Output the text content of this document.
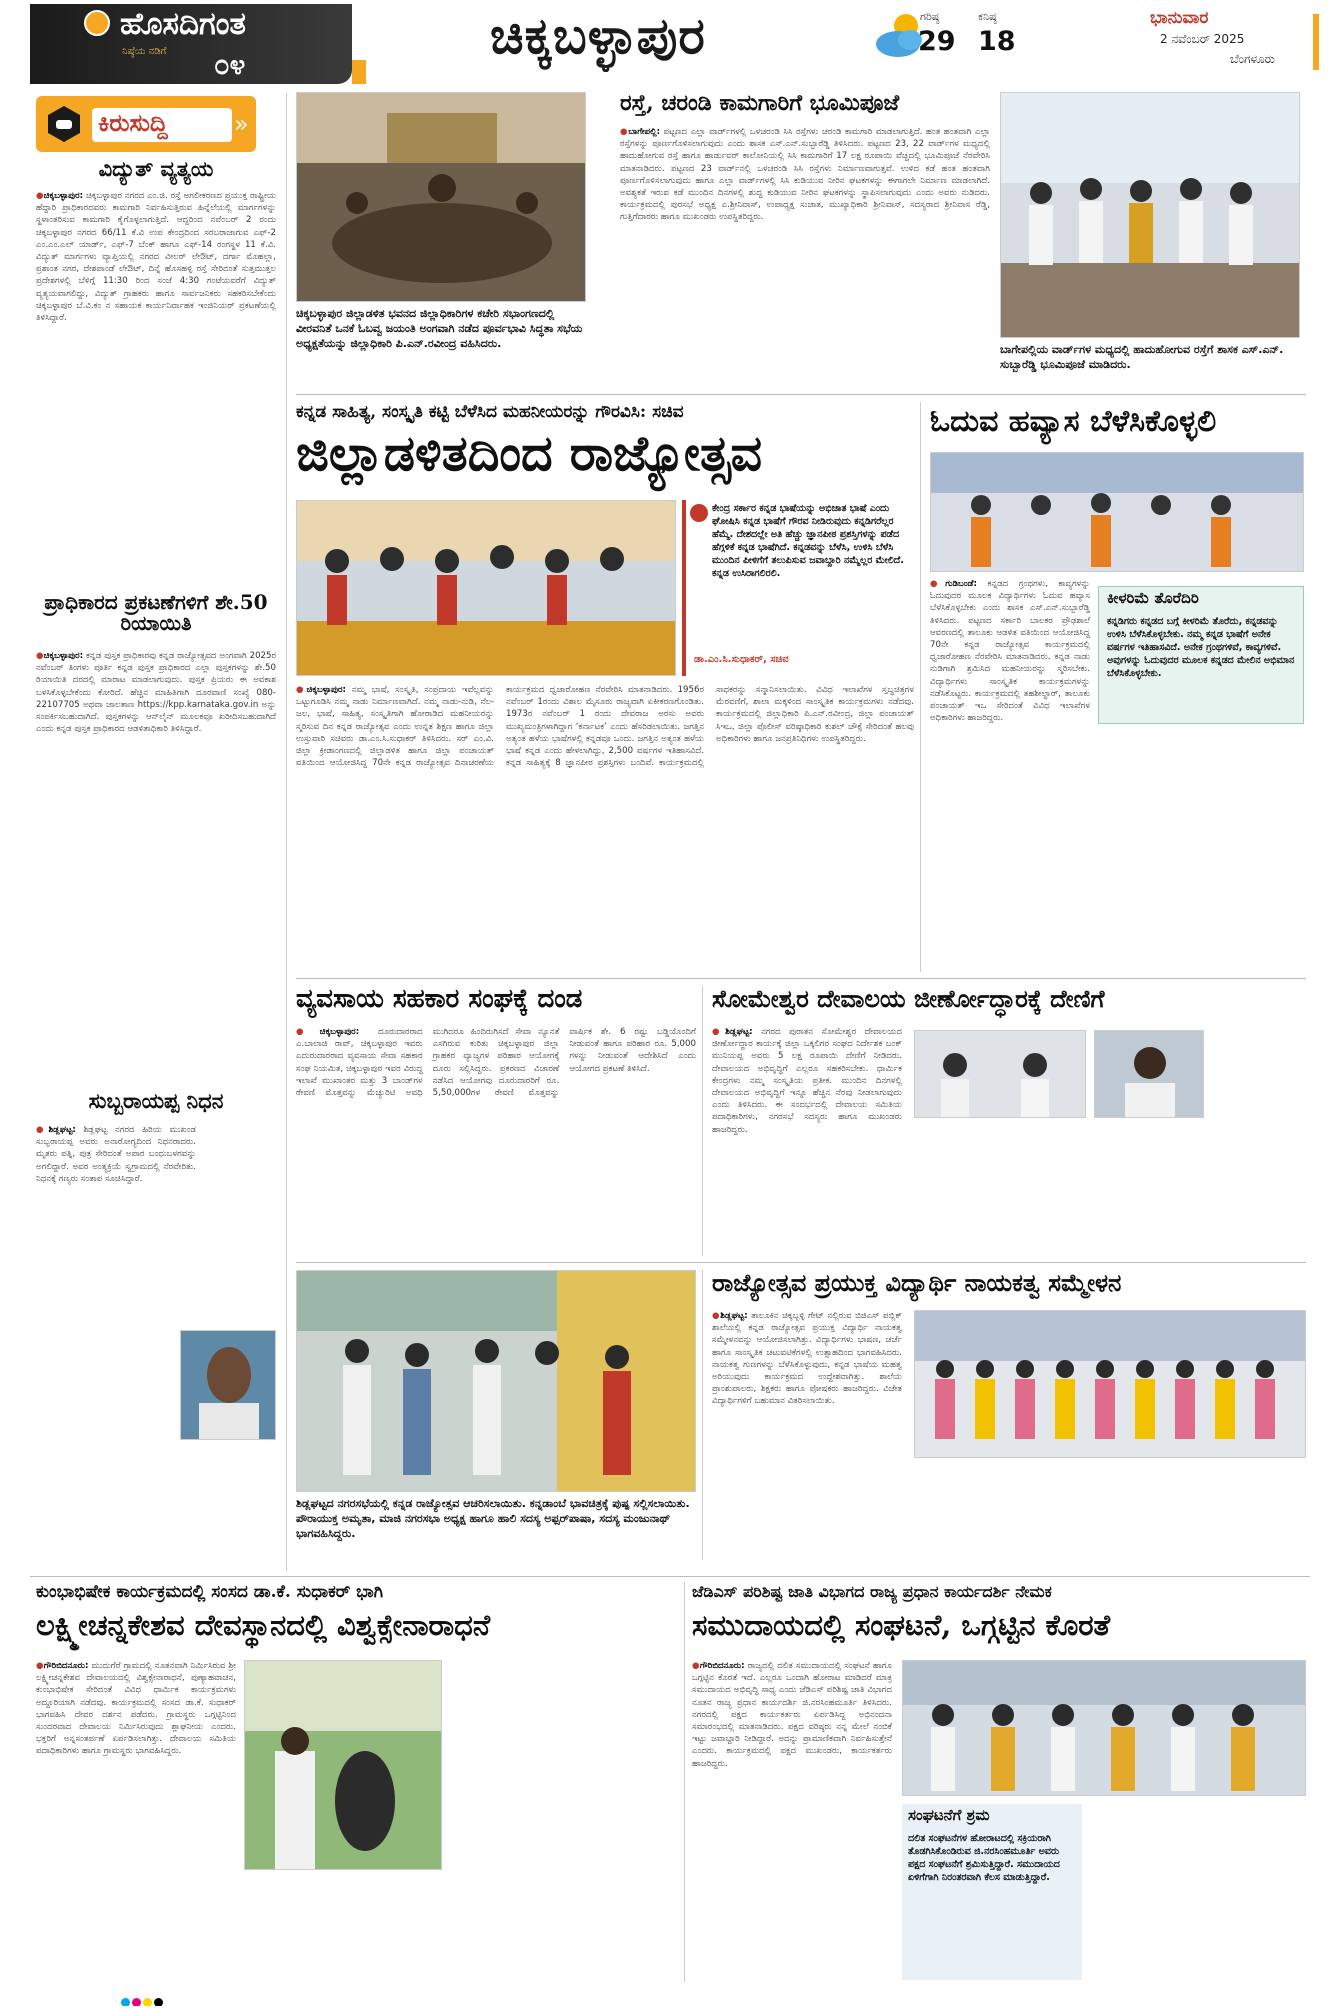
ಹೊಸದಿಗಂತ
ನಿಷ್ಠೆಯ ನಡಿಗೆ	೦೪	ಚಿಕ್ಕಬಳ್ಳಾಪುರ	ಗರಿಷ್ಠ
29
ಕನಿಷ್ಠ
18
ಭಾನುವಾರ
2 ನವೆಂಬರ್ 2025
ಬೆಂಗಳೂರು
ಕಿರುಸುದ್ದಿ	»
ವಿದ್ಯುತ್ ವ್ಯತ್ಯಯ
● ಚಿಕ್ಕಬಳ್ಳಾಪುರ: ಚಿಕ್ಕಬಳ್ಳಾಪುರ ನಗರದ ಎಂ.ಜಿ. ರಸ್ತೆ ಅಗಲೀಕರಣದ ಪ್ರಯುಕ್ತ ರಾಷ್ಟ್ರೀಯ ಹೆದ್ದಾರಿ ಪ್ರಾಧಿಕಾರದವರು ಕಾಮಗಾರಿ ನಿರ್ವಹಿಸುತ್ತಿರುವ ಹಿನ್ನೆಲೆಯಲ್ಲಿ ಮಾರ್ಗಗಳನ್ನು ಸ್ಥಳಾಂತರಿಸುವ ಕಾಮಗಾರಿ ಕೈಗೊಳ್ಳಲಾಗುತ್ತಿದೆ. ಆದ್ದರಿಂದ ನವೆಂಬರ್ 2 ರಂದು ಚಿಕ್ಕಬಳ್ಳಾಪುರ ನಗರದ 66/11 ಕೆ.ವಿ ಉಪ ಕೇಂದ್ರದಿಂದ ಸರಬರಾಜಾಗುವ ಎಫ್-2 ಎಂ.ಎಂ.ಎಲ್ ಯಾರ್ಡ್, ಎಫ್-7 ಬೆಂಕ್ ಹಾಗೂ ಎಫ್-14 ರಂಗಸ್ಥಳ 11 ಕೆ.ವಿ. ವಿದ್ಯುತ್ ಮಾರ್ಗಗಳು ವ್ಯಾಪ್ತಿಯಲ್ಲಿ ನಗರದ ವೀಲರ್ ಲೇಔಟ್, ದರ್ಗಾ ಮೊಹಲ್ಲಾ, ಪ್ರಶಾಂತ ನಗರ, ದೇಶಪಾಂಡೆ ಲೇಔಟ್, ದಿನ್ನೆ ಹೊಸಹಳ್ಳಿ ರಸ್ತೆ ಸೇರಿದಂತೆ ಸುತ್ತಮುತ್ತಲ ಪ್ರದೇಶಗಳಲ್ಲಿ ಬೆಳಿಗ್ಗೆ 11:30 ರಿಂದ ಸಂಜೆ 4:30 ಗಂಟೆಯವರೆಗೆ ವಿದ್ಯುತ್ ವ್ಯತ್ಯಯವಾಗಲಿದ್ದು, ವಿದ್ಯುತ್ ಗ್ರಾಹಕರು ಹಾಗೂ ಸಾರ್ವಜನಿಕರು ಸಹಕರಿಸಬೇಕೆಂದು ಚಿಕ್ಕಬಳ್ಳಾಪುರ ಬೆ.ವಿ.ಕಂ ನ ಸಹಾಯಕ ಕಾರ್ಯನಿರ್ವಾಹಕ ಇಂಜಿನಿಯರ್ ಪ್ರಕಟಣೆಯಲ್ಲಿ ತಿಳಿಸಿದ್ದಾರೆ.
ಪ್ರಾಧಿಕಾರದ ಪ್ರಕಟಣೆಗಳಿಗೆ ಶೇ.50 ರಿಯಾಯಿತಿ
● ಚಿಕ್ಕಬಳ್ಳಾಪುರ: ಕನ್ನಡ ಪುಸ್ತಕ ಪ್ರಾಧಿಕಾರವು ಕನ್ನಡ ರಾಜ್ಯೋತ್ಸವದ ಅಂಗವಾಗಿ 2025ರ ನವೆಂಬರ್ ತಿಂಗಳು ಪೂರ್ತಿ ಕನ್ನಡ ಪುಸ್ತಕ ಪ್ರಾಧಿಕಾರದ ಎಲ್ಲಾ ಪುಸ್ತಕಗಳನ್ನು ಶೇ.50 ರಿಯಾಯಿತಿ ದರದಲ್ಲಿ ಮಾರಾಟ ಮಾಡಲಾಗುವುದು. ಪುಸ್ತಕ ಪ್ರಿಯರು ಈ ಅವಕಾಶ ಬಳಸಿಕೊಳ್ಳಬೇಕೆಂದು ಕೋರಿದೆ. ಹೆಚ್ಚಿನ ಮಾಹಿತಿಗಾಗಿ ದೂರವಾಣಿ ಸಂಖ್ಯೆ 080-22107705 ಅಥವಾ ಜಾಲತಾಣ https://kpp.karnataka.gov.in ಅನ್ನು ಸಂಪರ್ಕಿಸಬಹುದಾಗಿದೆ. ಪುಸ್ತಕಗಳನ್ನು ಆನ್‌ಲೈನ್ ಮೂಲಕವೂ ಖರೀದಿಸಬಹುದಾಗಿದೆ ಎಂದು ಕನ್ನಡ ಪುಸ್ತಕ ಪ್ರಾಧಿಕಾರದ ಆಡಳಿತಾಧಿಕಾರಿ ತಿಳಿಸಿದ್ದಾರೆ.
ಸುಬ್ಬರಾಯಪ್ಪ ನಿಧನ
● ಶಿಡ್ಲಘಟ್ಟ: ಶಿಡ್ಲಘಟ್ಟ ನಗರದ ಹಿರಿಯ ಮುಖಂಡ ಸುಬ್ಬರಾಯಪ್ಪ ಅವರು ಅನಾರೋಗ್ಯದಿಂದ ನಿಧನರಾದರು. ಮೃತರು ಪತ್ನಿ, ಪುತ್ರ ಸೇರಿದಂತೆ ಅಪಾರ ಬಂಧುಬಳಗವನ್ನು ಅಗಲಿದ್ದಾರೆ. ಅವರ ಅಂತ್ಯಕ್ರಿಯೆ ಸ್ವಗ್ರಾಮದಲ್ಲಿ ನೆರವೇರಿತು. ನಿಧನಕ್ಕೆ ಗಣ್ಯರು ಸಂತಾಪ ಸೂಚಿಸಿದ್ದಾರೆ.
ಚಿಕ್ಕಬಳ್ಳಾಪುರ ಜಿಲ್ಲಾಡಳಿತ ಭವನದ ಜಿಲ್ಲಾಧಿಕಾರಿಗಳ ಕಚೇರಿ ಸಭಾಂಗಣದಲ್ಲಿ ವೀರವನಿತೆ ಒನಕೆ ಓಬವ್ವ ಜಯಂತಿ ಅಂಗವಾಗಿ ನಡೆದ ಪೂರ್ವಭಾವಿ ಸಿದ್ಧತಾ ಸಭೆಯ ಅಧ್ಯಕ್ಷತೆಯನ್ನು ಜಿಲ್ಲಾಧಿಕಾರಿ ಪಿ.ಎನ್.ರವೀಂದ್ರ ವಹಿಸಿದರು.
ರಸ್ತೆ, ಚರಂಡಿ ಕಾಮಗಾರಿಗೆ ಭೂಮಿಪೂಜೆ
● ಬಾಗೇಪಲ್ಲಿ: ಪಟ್ಟಣದ ಎಲ್ಲಾ ವಾರ್ಡ್‌ಗಳಲ್ಲಿ ಒಳಚರಂಡಿ ಸಿಸಿ ರಸ್ತೆಗಳು ಚರಂಡಿ ಕಾಮಗಾರಿ ಮಾಡಲಾಗುತ್ತಿದೆ. ಹಂತ ಹಂತವಾಗಿ ಎಲ್ಲಾ ರಸ್ತೆಗಳನ್ನು ಪೂರ್ಣಗೊಳಿಸಲಾಗುವುದು ಎಂದು ಶಾಸಕ ಎಸ್.ಎನ್.ಸುಬ್ಬಾರೆಡ್ಡಿ ತಿಳಿಸಿದರು. ಪಟ್ಟಣದ 23, 22 ವಾರ್ಡ್‌ಗಳ ಮಧ್ಯದಲ್ಲಿ ಹಾದುಹೋಗುವ ರಸ್ತೆ ಹಾಗೂ ಹಾರ್ಡುವರ್ ಕಾಲೋನಿಯಲ್ಲಿ ಸಿಸಿ ಕಾಮಗಾರಿಗೆ 17 ಲಕ್ಷ ರೂಪಾಯಿ ವೆಚ್ಚದಲ್ಲಿ ಭೂಮಿಪೂಜೆ ನೆರವೇರಿಸಿ ಮಾತನಾಡಿದರು. ಪಟ್ಟಣದ 23 ವಾರ್ಡ್‌ನಲ್ಲಿ ಒಳಚರಂಡಿ ಸಿಸಿ ರಸ್ತೆಗಳು ನಿರ್ಮಾಣವಾಗುತ್ತವೆ. ಉಳಿದ ಕಡೆ ಹಂತ ಹಂತವಾಗಿ ಪೂರ್ಣಗೊಳಿಸಲಾಗುವುದು ಹಾಗೂ ಎಲ್ಲಾ ವಾರ್ಡ್‌ಗಳಲ್ಲಿ ಸಿಸಿ ಕುಡಿಯುವ ನೀರಿನ ಘಟಕಗಳನ್ನು ಈಗಾಗಲೇ ನಿರ್ಮಾಣ ಮಾಡಲಾಗಿದೆ. ಅವಶ್ಯಕತೆ ಇರುವ ಕಡೆ ಮುಂದಿನ ದಿನಗಳಲ್ಲಿ ಶುದ್ಧ ಕುಡಿಯುವ ನೀರಿನ ಘಟಕಗಳನ್ನು ಸ್ಥಾಪಿಸಲಾಗುವುದು ಎಂದು ಅವರು ನುಡಿದರು. ಕಾರ್ಯಕ್ರಮದಲ್ಲಿ ಪುರಸಭೆ ಅಧ್ಯಕ್ಷ ಎ.ಶ್ರೀನಿವಾಸ್, ಉಪಾಧ್ಯಕ್ಷ ಸುಜಾತ, ಮುಖ್ಯಾಧಿಕಾರಿ ಶ್ರೀನಿವಾಸ್, ಸದಸ್ಯರಾದ ಶ್ರೀನಿವಾಸ ರೆಡ್ಡಿ, ಗುತ್ತಿಗೆದಾರರು ಹಾಗೂ ಮುಖಂಡರು ಉಪಸ್ಥಿತರಿದ್ದರು.
ಬಾಗೇಪಲ್ಲಿಯ ವಾರ್ಡ್‌ಗಳ ಮಧ್ಯದಲ್ಲಿ ಹಾದುಹೋಗುವ ರಸ್ತೆಗೆ ಶಾಸಕ ಎಸ್.ಎನ್. ಸುಬ್ಬಾರೆಡ್ಡಿ ಭೂಮಿಪೂಜೆ ಮಾಡಿದರು.
ಕನ್ನಡ ಸಾಹಿತ್ಯ, ಸಂಸ್ಕೃತಿ ಕಟ್ಟಿ ಬೆಳೆಸಿದ ಮಹನೀಯರನ್ನು ಗೌರವಿಸಿ: ಸಚಿವ
ಜಿಲ್ಲಾಡಳಿತದಿಂದ ರಾಜ್ಯೋತ್ಸವ
ಕೇಂದ್ರ ಸರ್ಕಾರ ಕನ್ನಡ ಭಾಷೆಯನ್ನು ಅಭಿಜಾತ ಭಾಷೆ ಎಂದು ಘೋಷಿಸಿ ಕನ್ನಡ ಭಾಷೆಗೆ ಗೌರವ ನೀಡಿರುವುದು ಕನ್ನಡಿಗರೆಲ್ಲರ ಹೆಮ್ಮೆ. ದೇಶದಲ್ಲೇ ಅತಿ ಹೆಚ್ಚು ಜ್ಞಾನಪೀಠ ಪ್ರಶಸ್ತಿಗಳನ್ನು ಪಡೆದ ಹೆಗ್ಗಳಿಕೆ ಕನ್ನಡ ಭಾಷೆಗಿದೆ. ಕನ್ನಡವನ್ನು ಬೆಳೆಸಿ, ಉಳಿಸಿ ಬೆಳೆಸಿ ಮುಂದಿನ ಪೀಳಿಗೆಗೆ ತಲುಪಿಸುವ ಜವಾಬ್ದಾರಿ ನಮ್ಮೆಲ್ಲರ ಮೇಲಿದೆ. ಕನ್ನಡ ಉಸಿರಾಗಲಿರಲಿ.
ಡಾ.ಎಂ.ಸಿ.ಸುಧಾಕರ್, ಸಚಿವ
● ಚಿಕ್ಕಬಳ್ಳಾಪುರ: ನಮ್ಮ ಭಾಷೆ, ಸಂಸ್ಕೃತಿ, ಸಂಪ್ರದಾಯ ಇವೆಲ್ಲವನ್ನು ಒಟ್ಟುಗೂಡಿಸಿ ನಮ್ಮ ನಾಡು ನಿರ್ಮಾಣವಾಗಿದೆ. ನಮ್ಮ ನಾಡು-ನುಡಿ, ನೆಲ-ಜಲ, ಭಾಷೆ, ಸಾಹಿತ್ಯ, ಸಂಸ್ಕೃತಿಗಾಗಿ ಹೋರಾಡಿದ ಮಹನೀಯರನ್ನು ಸ್ಮರಿಸುವ ದಿನ ಕನ್ನಡ ರಾಜ್ಯೋತ್ಸವ ಎಂದು ಉನ್ನತ ಶಿಕ್ಷಣ ಹಾಗೂ ಜಿಲ್ಲಾ ಉಸ್ತುವಾರಿ ಸಚಿವರು ಡಾ.ಎಂ.ಸಿ.ಸುಧಾಕರ್ ತಿಳಿಸಿದರು. ಸರ್ ಎಂ.ವಿ. ಜಿಲ್ಲಾ ಕ್ರೀಡಾಂಗಣದಲ್ಲಿ ಜಿಲ್ಲಾಡಳಿತ ಹಾಗೂ ಜಿಲ್ಲಾ ಪಂಚಾಯತ್ ವತಿಯಿಂದ ಆಯೋಜಿಸಿದ್ದ 70ನೇ ಕನ್ನಡ ರಾಜ್ಯೋತ್ಸವ ದಿನಾಚರಣೆಯ ಕಾರ್ಯಕ್ರಮದ ಧ್ವಜಾರೋಹಣ ನೆರವೇರಿಸಿ ಮಾತನಾಡಿದರು. 1956ರ ನವೆಂಬರ್ 1ರಂದು ವಿಶಾಲ ಮೈಸೂರು ರಾಜ್ಯವಾಗಿ ಏಕೀಕರಣಗೊಂಡಿತು. 1973ರ ನವೆಂಬರ್ 1 ರಂದು ದೇವರಾಜ ಅರಸು ಅವರು ಮುಖ್ಯಮಂತ್ರಿಗಳಾಗಿದ್ದಾಗ ‘ಕರ್ನಾಟಕ’ ಎಂದು ಹೆಸರಿಡಲಾಯಿತು. ಜಗತ್ತಿನ ಅತ್ಯಂತ ಹಳೆಯ ಭಾಷೆಗಳಲ್ಲಿ ಕನ್ನಡವೂ ಒಂದು. ಜಗತ್ತಿನ ಅತ್ಯಂತ ಹಳೆಯ ಭಾಷೆ ಕನ್ನಡ ಎಂದು ಹೇಳಲಾಗಿದ್ದು, 2,500 ವರ್ಷಗಳ ಇತಿಹಾಸವಿದೆ. ಕನ್ನಡ ಸಾಹಿತ್ಯಕ್ಕೆ 8 ಜ್ಞಾನಪೀಠ ಪ್ರಶಸ್ತಿಗಳು ಬಂದಿವೆ. ಕಾರ್ಯಕ್ರಮದಲ್ಲಿ ಸಾಧಕರನ್ನು ಸನ್ಮಾನಿಸಲಾಯಿತು. ವಿವಿಧ ಇಲಾಖೆಗಳ ಸ್ತಬ್ಧಚಿತ್ರಗಳ ಮೆರವಣಿಗೆ, ಶಾಲಾ ಮಕ್ಕಳಿಂದ ಸಾಂಸ್ಕೃತಿಕ ಕಾರ್ಯಕ್ರಮಗಳು ನಡೆದವು. ಕಾರ್ಯಕ್ರಮದಲ್ಲಿ ಜಿಲ್ಲಾಧಿಕಾರಿ ಪಿ.ಎನ್.ರವೀಂದ್ರ, ಜಿಲ್ಲಾ ಪಂಚಾಯತ್ ಸಿಇಒ, ಜಿಲ್ಲಾ ಪೊಲೀಸ್ ವರಿಷ್ಠಾಧಿಕಾರಿ ಕುಶಲ್ ಚೌಕ್ಸೆ ಸೇರಿದಂತೆ ಹಲವು ಅಧಿಕಾರಿಗಳು ಹಾಗೂ ಜನಪ್ರತಿನಿಧಿಗಳು ಉಪಸ್ಥಿತರಿದ್ದರು.
ಓದುವ ಹವ್ಯಾಸ ಬೆಳೆಸಿಕೊಳ್ಳಲಿ
● ಗುಡಿಬಂಡೆ: ಕನ್ನಡದ ಗ್ರಂಥಗಳು, ಕಾವ್ಯಗಳನ್ನು ಓದುವುದರ ಮೂಲಕ ವಿದ್ಯಾರ್ಥಿಗಳು ಓದುವ ಹವ್ಯಾಸ ಬೆಳೆಸಿಕೊಳ್ಳಬೇಕು ಎಂದು ಶಾಸಕ ಎಸ್.ಎನ್.ಸುಬ್ಬಾರೆಡ್ಡಿ ತಿಳಿಸಿದರು. ಪಟ್ಟಣದ ಸರ್ಕಾರಿ ಬಾಲಕರ ಪ್ರೌಢಶಾಲೆ ಆವರಣದಲ್ಲಿ ತಾಲೂಕು ಆಡಳಿತ ವತಿಯಿಂದ ಆಯೋಜಿಸಿದ್ದ 70ನೇ ಕನ್ನಡ ರಾಜ್ಯೋತ್ಸವ ಕಾರ್ಯಕ್ರಮದಲ್ಲಿ ಧ್ವಜಾರೋಹಣ ನೆರವೇರಿಸಿ ಮಾತನಾಡಿದರು. ಕನ್ನಡ ನಾಡು ನುಡಿಗಾಗಿ ಶ್ರಮಿಸಿದ ಮಹನೀಯರನ್ನು ಸ್ಮರಿಸಬೇಕು. ವಿದ್ಯಾರ್ಥಿಗಳು ಸಾಂಸ್ಕೃತಿಕ ಕಾರ್ಯಕ್ರಮಗಳನ್ನು ನಡೆಸಿಕೊಟ್ಟರು. ಕಾರ್ಯಕ್ರಮದಲ್ಲಿ ತಹಶೀಲ್ದಾರ್, ತಾಲೂಕು ಪಂಚಾಯತ್ ಇಒ ಸೇರಿದಂತೆ ವಿವಿಧ ಇಲಾಖೆಗಳ ಅಧಿಕಾರಿಗಳು ಹಾಜರಿದ್ದರು.
ಕೀಳರಿಮೆ ತೊರೆದಿರಿ
ಕನ್ನಡಿಗರು ಕನ್ನಡದ ಬಗ್ಗೆ ಕೀಳರಿಮೆ ತೊರೆದು, ಕನ್ನಡವನ್ನು ಉಳಿಸಿ ಬೆಳೆಸಿಕೊಳ್ಳಬೇಕು. ನಮ್ಮ ಕನ್ನಡ ಭಾಷೆಗೆ ಅನೇಕ ವರ್ಷಗಳ ಇತಿಹಾಸವಿದೆ. ಅನೇಕ ಗ್ರಂಥಗಳಿವೆ, ಕಾವ್ಯಗಳಿವೆ. ಅವುಗಳನ್ನು ಓದುವುದರ ಮೂಲಕ ಕನ್ನಡದ ಮೇಲಿನ ಅಭಿಮಾನ ಬೆಳೆಸಿಕೊಳ್ಳಬೇಕು.
ವ್ಯವಸಾಯ ಸಹಕಾರ ಸಂಘಕ್ಕೆ ದಂಡ
● ಚಿಕ್ಕಬಳ್ಳಾಪುರ: ದೂರುದಾರರಾದ ಎ.ಬಾಲಾಜಿ ರಾವ್, ಚಿಕ್ಕಬಳ್ಳಾಪುರ ಇವರು ಎದುರುದಾರರಾದ ವ್ಯವಸಾಯ ಸೇವಾ ಸಹಕಾರ ಸಂಘ ನಿಯಮಿತ, ಚಿಕ್ಕಬಳ್ಳಾಪುರ ಇವರ ವಿರುದ್ಧ ಇಲಾಖೆ ಮುಖಾಂತರ ಮತ್ತು 3 ಬಾಂಡ್‌ಗಳ ಠೇವಣಿ ಮೊತ್ತವನ್ನು ಮೆಚ್ಯುರಿಟಿ ಅವಧಿ ಮುಗಿದರೂ ಹಿಂದಿರುಗಿಸದೆ ಸೇವಾ ನ್ಯೂನತೆ ಎಸಗಿರುವ ಕುರಿತು ಚಿಕ್ಕಬಳ್ಳಾಪುರ ಜಿಲ್ಲಾ ಗ್ರಾಹಕರ ವ್ಯಾಜ್ಯಗಳ ಪರಿಹಾರ ಆಯೋಗಕ್ಕೆ ದೂರು ಸಲ್ಲಿಸಿದ್ದರು. ಪ್ರಕರಣದ ವಿಚಾರಣೆ ನಡೆಸಿದ ಆಯೋಗವು ದೂರುದಾರರಿಗೆ ರೂ. 5,50,000ಗಳ ಠೇವಣಿ ಮೊತ್ತವನ್ನು ವಾರ್ಷಿಕ ಶೇ. 6 ರಷ್ಟು ಬಡ್ಡಿಯೊಂದಿಗೆ ನೀಡುವಂತೆ ಹಾಗೂ ಪರಿಹಾರ ರೂ. 5,000 ಗಳನ್ನು ನೀಡುವಂತೆ ಆದೇಶಿಸಿದೆ ಎಂದು ಆಯೋಗದ ಪ್ರಕಟಣೆ ತಿಳಿಸಿದೆ.
ಸೋಮೇಶ್ವರ ದೇವಾಲಯ ಜೀರ್ಣೋದ್ಧಾರಕ್ಕೆ ದೇಣಿಗೆ
● ಶಿಡ್ಲಘಟ್ಟ: ನಗರದ ಪುರಾತನ ಸೋಮೇಶ್ವರ ದೇವಾಲಯದ ಜೀರ್ಣೋದ್ಧಾರ ಕಾರ್ಯಕ್ಕೆ ಜಿಲ್ಲಾ ಒಕ್ಕಲಿಗರ ಸಂಘದ ನಿರ್ದೇಶಕ ಬಂಕ್ ಮುನಿಯಪ್ಪ ಅವರು 5 ಲಕ್ಷ ರೂಪಾಯಿ ದೇಣಿಗೆ ನೀಡಿದರು. ದೇವಾಲಯದ ಅಭಿವೃದ್ಧಿಗೆ ಎಲ್ಲರೂ ಸಹಕರಿಸಬೇಕು. ಧಾರ್ಮಿಕ ಕೇಂದ್ರಗಳು ನಮ್ಮ ಸಂಸ್ಕೃತಿಯ ಪ್ರತೀಕ. ಮುಂದಿನ ದಿನಗಳಲ್ಲಿ ದೇವಾಲಯದ ಅಭಿವೃದ್ಧಿಗೆ ಇನ್ನೂ ಹೆಚ್ಚಿನ ನೆರವು ನೀಡಲಾಗುವುದು ಎಂದು ತಿಳಿಸಿದರು. ಈ ಸಂದರ್ಭದಲ್ಲಿ ದೇವಾಲಯ ಸಮಿತಿಯ ಪದಾಧಿಕಾರಿಗಳು, ನಗರಸಭೆ ಸದಸ್ಯರು ಹಾಗೂ ಮುಖಂಡರು ಹಾಜರಿದ್ದರು.
ಶಿಡ್ಲಘಟ್ಟದ ನಗರಸಭೆಯಲ್ಲಿ ಕನ್ನಡ ರಾಜ್ಯೋತ್ಸವ ಆಚರಿಸಲಾಯಿತು. ಕನ್ನಡಾಂಬೆ ಭಾವಚಿತ್ರಕ್ಕೆ ಪುಷ್ಪ ಸಲ್ಲಿಸಲಾಯಿತು. ಪೌರಾಯುಕ್ತ ಅಮೃತಾ, ಮಾಜಿ ನಗರಸಭಾ ಅಧ್ಯಕ್ಷ ಹಾಗೂ ಹಾಲಿ ಸದಸ್ಯ ಅಫ್ಸರ್‌ಪಾಷಾ, ಸದಸ್ಯ ಮಂಜುನಾಥ್ ಭಾಗವಹಿಸಿದ್ದರು.
ರಾಜ್ಯೋತ್ಸವ ಪ್ರಯುಕ್ತ ವಿದ್ಯಾರ್ಥಿ ನಾಯಕತ್ವ ಸಮ್ಮೇಳನ
● ಶಿಡ್ಲಘಟ್ಟ: ತಾಲೂಕಿನ ಚಿಕ್ಕಬ್ಬಳ್ಳಿ ಗೇಟ್ ನಲ್ಲಿರುವ ಬಿಜಿಎಸ್ ಪಬ್ಲಿಕ್ ಶಾಲೆಯಲ್ಲಿ ಕನ್ನಡ ರಾಜ್ಯೋತ್ಸವ ಪ್ರಯುಕ್ತ ವಿದ್ಯಾರ್ಥಿ ನಾಯಕತ್ವ ಸಮ್ಮೇಳನವನ್ನು ಆಯೋಜಿಸಲಾಗಿತ್ತು. ವಿದ್ಯಾರ್ಥಿಗಳು ಭಾಷಣ, ಚರ್ಚೆ ಹಾಗೂ ಸಾಂಸ್ಕೃತಿಕ ಚಟುವಟಿಕೆಗಳಲ್ಲಿ ಉತ್ಸಾಹದಿಂದ ಭಾಗವಹಿಸಿದರು. ನಾಯಕತ್ವ ಗುಣಗಳನ್ನು ಬೆಳೆಸಿಕೊಳ್ಳುವುದು, ಕನ್ನಡ ಭಾಷೆಯ ಮಹತ್ವ ಅರಿಯುವುದು ಕಾರ್ಯಕ್ರಮದ ಉದ್ದೇಶವಾಗಿತ್ತು. ಶಾಲೆಯ ಪ್ರಾಂಶುಪಾಲರು, ಶಿಕ್ಷಕರು ಹಾಗೂ ಪೋಷಕರು ಹಾಜರಿದ್ದರು. ವಿಜೇತ ವಿದ್ಯಾರ್ಥಿಗಳಿಗೆ ಬಹುಮಾನ ವಿತರಿಸಲಾಯಿತು.
ಕುಂಭಾಭಿಷೇಕ ಕಾರ್ಯಕ್ರಮದಲ್ಲಿ ಸಂಸದ ಡಾ.ಕೆ. ಸುಧಾಕರ್ ಭಾಗಿ
ಲಕ್ಷ್ಮೀಚನ್ನಕೇಶವ ದೇವಸ್ಥಾನದಲ್ಲಿ ವಿಶ್ವಕ್ಸೇನಾರಾಧನೆ
● ಗೌರಿಬಿದನೂರು: ಮುದುಗೆರೆ ಗ್ರಾಮದಲ್ಲಿ ನೂತನವಾಗಿ ನಿರ್ಮಿಸಿರುವ ಶ್ರೀ ಲಕ್ಷ್ಮೀಚನ್ನಕೇಶವ ದೇವಾಲಯದಲ್ಲಿ ವಿಶ್ವಕ್ಸೇನಾರಾಧನೆ, ಪುಣ್ಯಾಹವಾಚನ, ಕುಂಭಾಭಿಷೇಕ ಸೇರಿದಂತೆ ವಿವಿಧ ಧಾರ್ಮಿಕ ಕಾರ್ಯಕ್ರಮಗಳು ಅದ್ದೂರಿಯಾಗಿ ನಡೆದವು. ಕಾರ್ಯಕ್ರಮದಲ್ಲಿ ಸಂಸದ ಡಾ.ಕೆ. ಸುಧಾಕರ್ ಭಾಗವಹಿಸಿ ದೇವರ ದರ್ಶನ ಪಡೆದರು. ಗ್ರಾಮಸ್ಥರು ಒಗ್ಗಟ್ಟಿನಿಂದ ಸುಂದರವಾದ ದೇವಾಲಯ ನಿರ್ಮಿಸಿರುವುದು ಶ್ಲಾಘನೀಯ ಎಂದರು. ಭಕ್ತರಿಗೆ ಅನ್ನಸಂತರ್ಪಣೆ ಏರ್ಪಡಿಸಲಾಗಿತ್ತು. ದೇವಾಲಯ ಸಮಿತಿಯ ಪದಾಧಿಕಾರಿಗಳು ಹಾಗೂ ಗ್ರಾಮಸ್ಥರು ಭಾಗವಹಿಸಿದ್ದರು.
ಜೆಡಿಎಸ್ ಪರಿಶಿಷ್ಟ ಜಾತಿ ವಿಭಾಗದ ರಾಜ್ಯ ಪ್ರಧಾನ ಕಾರ್ಯದರ್ಶಿ ನೇಮಕ
ಸಮುದಾಯದಲ್ಲಿ ಸಂಘಟನೆ, ಒಗ್ಗಟ್ಟಿನ ಕೊರತೆ
● ಗೌರಿಬಿದನೂರು: ರಾಜ್ಯದಲ್ಲಿ ದಲಿತ ಸಮುದಾಯದಲ್ಲಿ ಸಂಘಟನೆ ಹಾಗೂ ಒಗ್ಗಟ್ಟಿನ ಕೊರತೆ ಇದೆ. ಎಲ್ಲರೂ ಒಂದಾಗಿ ಹೋರಾಟ ಮಾಡಿದರೆ ಮಾತ್ರ ಸಮುದಾಯದ ಅಭಿವೃದ್ಧಿ ಸಾಧ್ಯ ಎಂದು ಜೆಡಿಎಸ್ ಪರಿಶಿಷ್ಟ ಜಾತಿ ವಿಭಾಗದ ನೂತನ ರಾಜ್ಯ ಪ್ರಧಾನ ಕಾರ್ಯದರ್ಶಿ ಜಿ.ನರಸಿಂಹಮೂರ್ತಿ ತಿಳಿಸಿದರು. ನಗರದಲ್ಲಿ ಪಕ್ಷದ ಕಾರ್ಯಕರ್ತರು ಏರ್ಪಡಿಸಿದ್ದ ಅಭಿನಂದನಾ ಸಮಾರಂಭದಲ್ಲಿ ಮಾತನಾಡಿದರು. ಪಕ್ಷದ ವರಿಷ್ಠರು ನನ್ನ ಮೇಲೆ ನಂಬಿಕೆ ಇಟ್ಟು ಜವಾಬ್ದಾರಿ ನೀಡಿದ್ದಾರೆ. ಅದನ್ನು ಪ್ರಾಮಾಣಿಕವಾಗಿ ನಿರ್ವಹಿಸುತ್ತೇನೆ ಎಂದರು. ಕಾರ್ಯಕ್ರಮದಲ್ಲಿ ಪಕ್ಷದ ಮುಖಂಡರು, ಕಾರ್ಯಕರ್ತರು ಹಾಜರಿದ್ದರು.
ಸಂಘಟನೆಗೆ ಶ್ರಮ
ದಲಿತ ಸಂಘಟನೆಗಳ ಹೋರಾಟದಲ್ಲಿ ಸಕ್ರಿಯರಾಗಿ ತೊಡಗಿಸಿಕೊಂಡಿರುವ ಜಿ.ನರಸಿಂಹಮೂರ್ತಿ ಅವರು ಪಕ್ಷದ ಸಂಘಟನೆಗೆ ಶ್ರಮಿಸುತ್ತಿದ್ದಾರೆ. ಸಮುದಾಯದ ಏಳಿಗೆಗಾಗಿ ನಿರಂತರವಾಗಿ ಕೆಲಸ ಮಾಡುತ್ತಿದ್ದಾರೆ.
